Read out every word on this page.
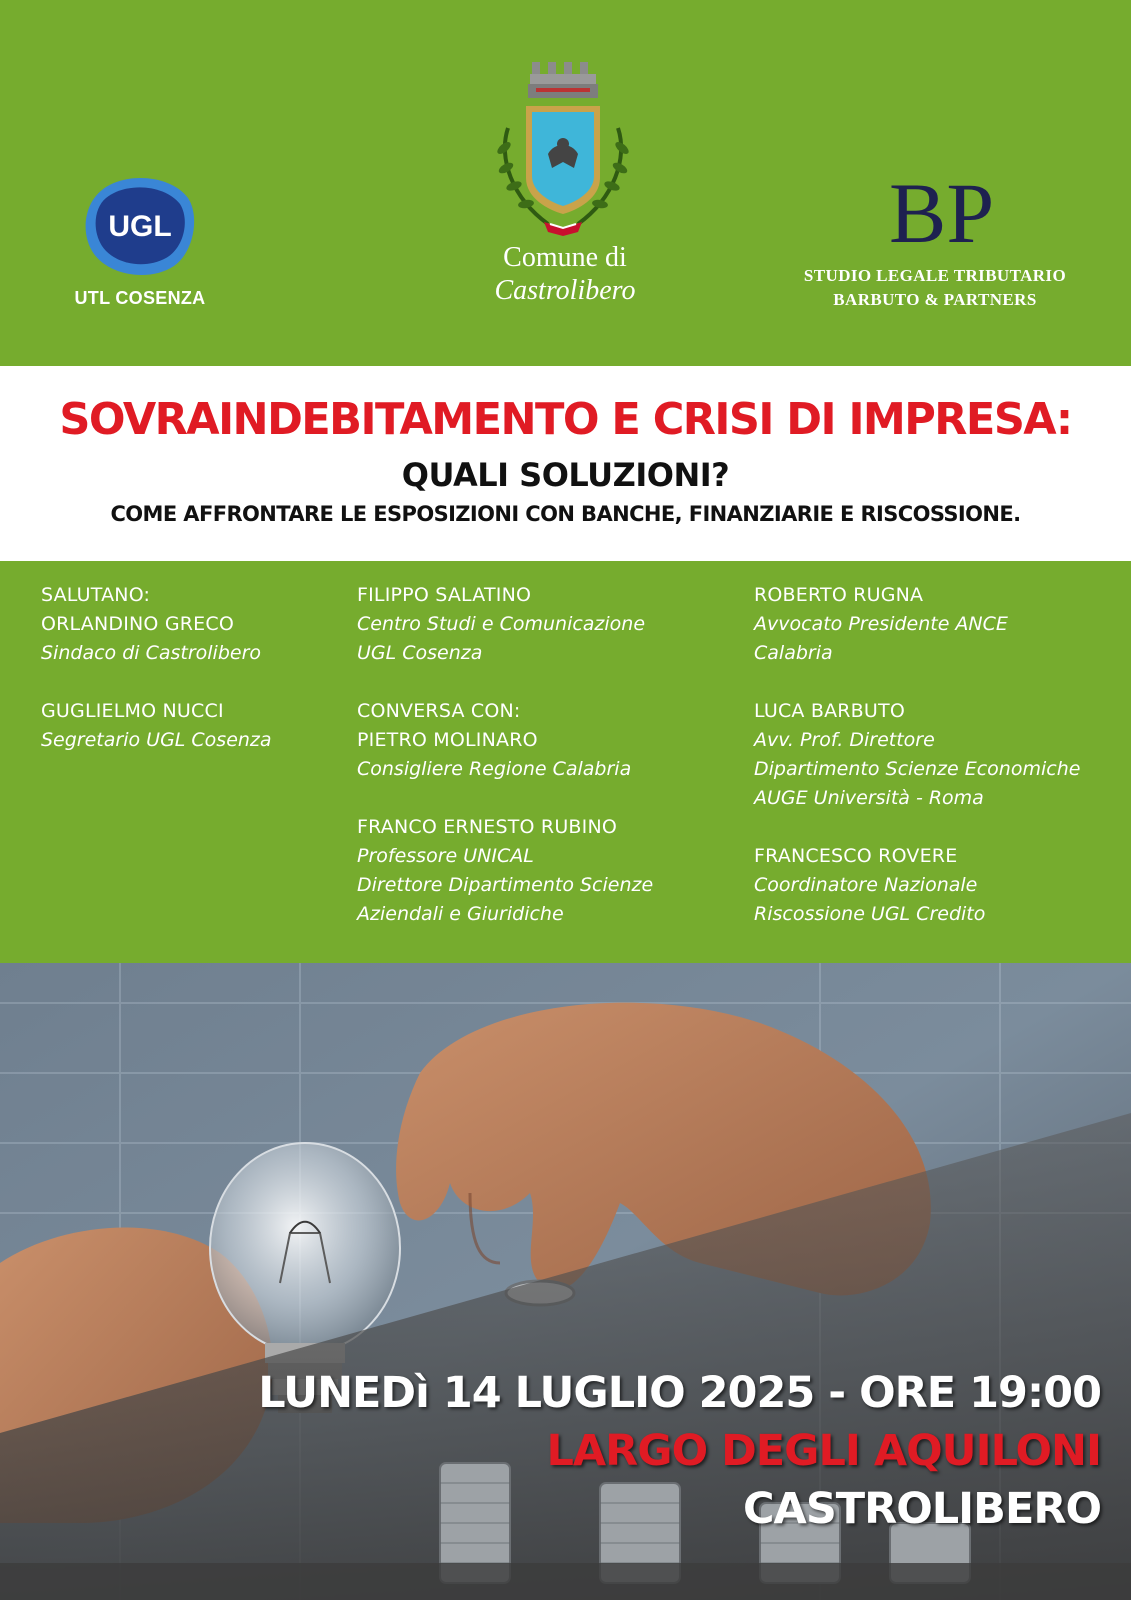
UGL
UTL COSENZA
Comune di
Castrolibero
BP
STUDIO LEGALE TRIBUTARIO
BARBUTO & PARTNERS
SOVRAINDEBITAMENTO E CRISI DI IMPRESA:
QUALI SOLUZIONI?
COME AFFRONTARE LE ESPOSIZIONI CON BANCHE, FINANZIARIE E RISCOSSIONE.
SALUTANO:
ORLANDINO GRECO
Sindaco di Castrolibero
GUGLIELMO NUCCI
Segretario UGL Cosenza
FILIPPO SALATINO
Centro Studi e Comunicazione
UGL Cosenza
CONVERSA CON:
PIETRO MOLINARO
Consigliere Regione Calabria
FRANCO ERNESTO RUBINO
Professore UNICAL
Direttore Dipartimento Scienze
Aziendali e Giuridiche
ROBERTO RUGNA
Avvocato Presidente ANCE
Calabria
LUCA BARBUTO
Avv. Prof. Direttore
Dipartimento Scienze Economiche
AUGE Università - Roma
FRANCESCO ROVERE
Coordinatore Nazionale
Riscossione UGL Credito
LUNEDì 14 LUGLIO 2025 - ORE 19:00
LARGO DEGLI AQUILONI
CASTROLIBERO
